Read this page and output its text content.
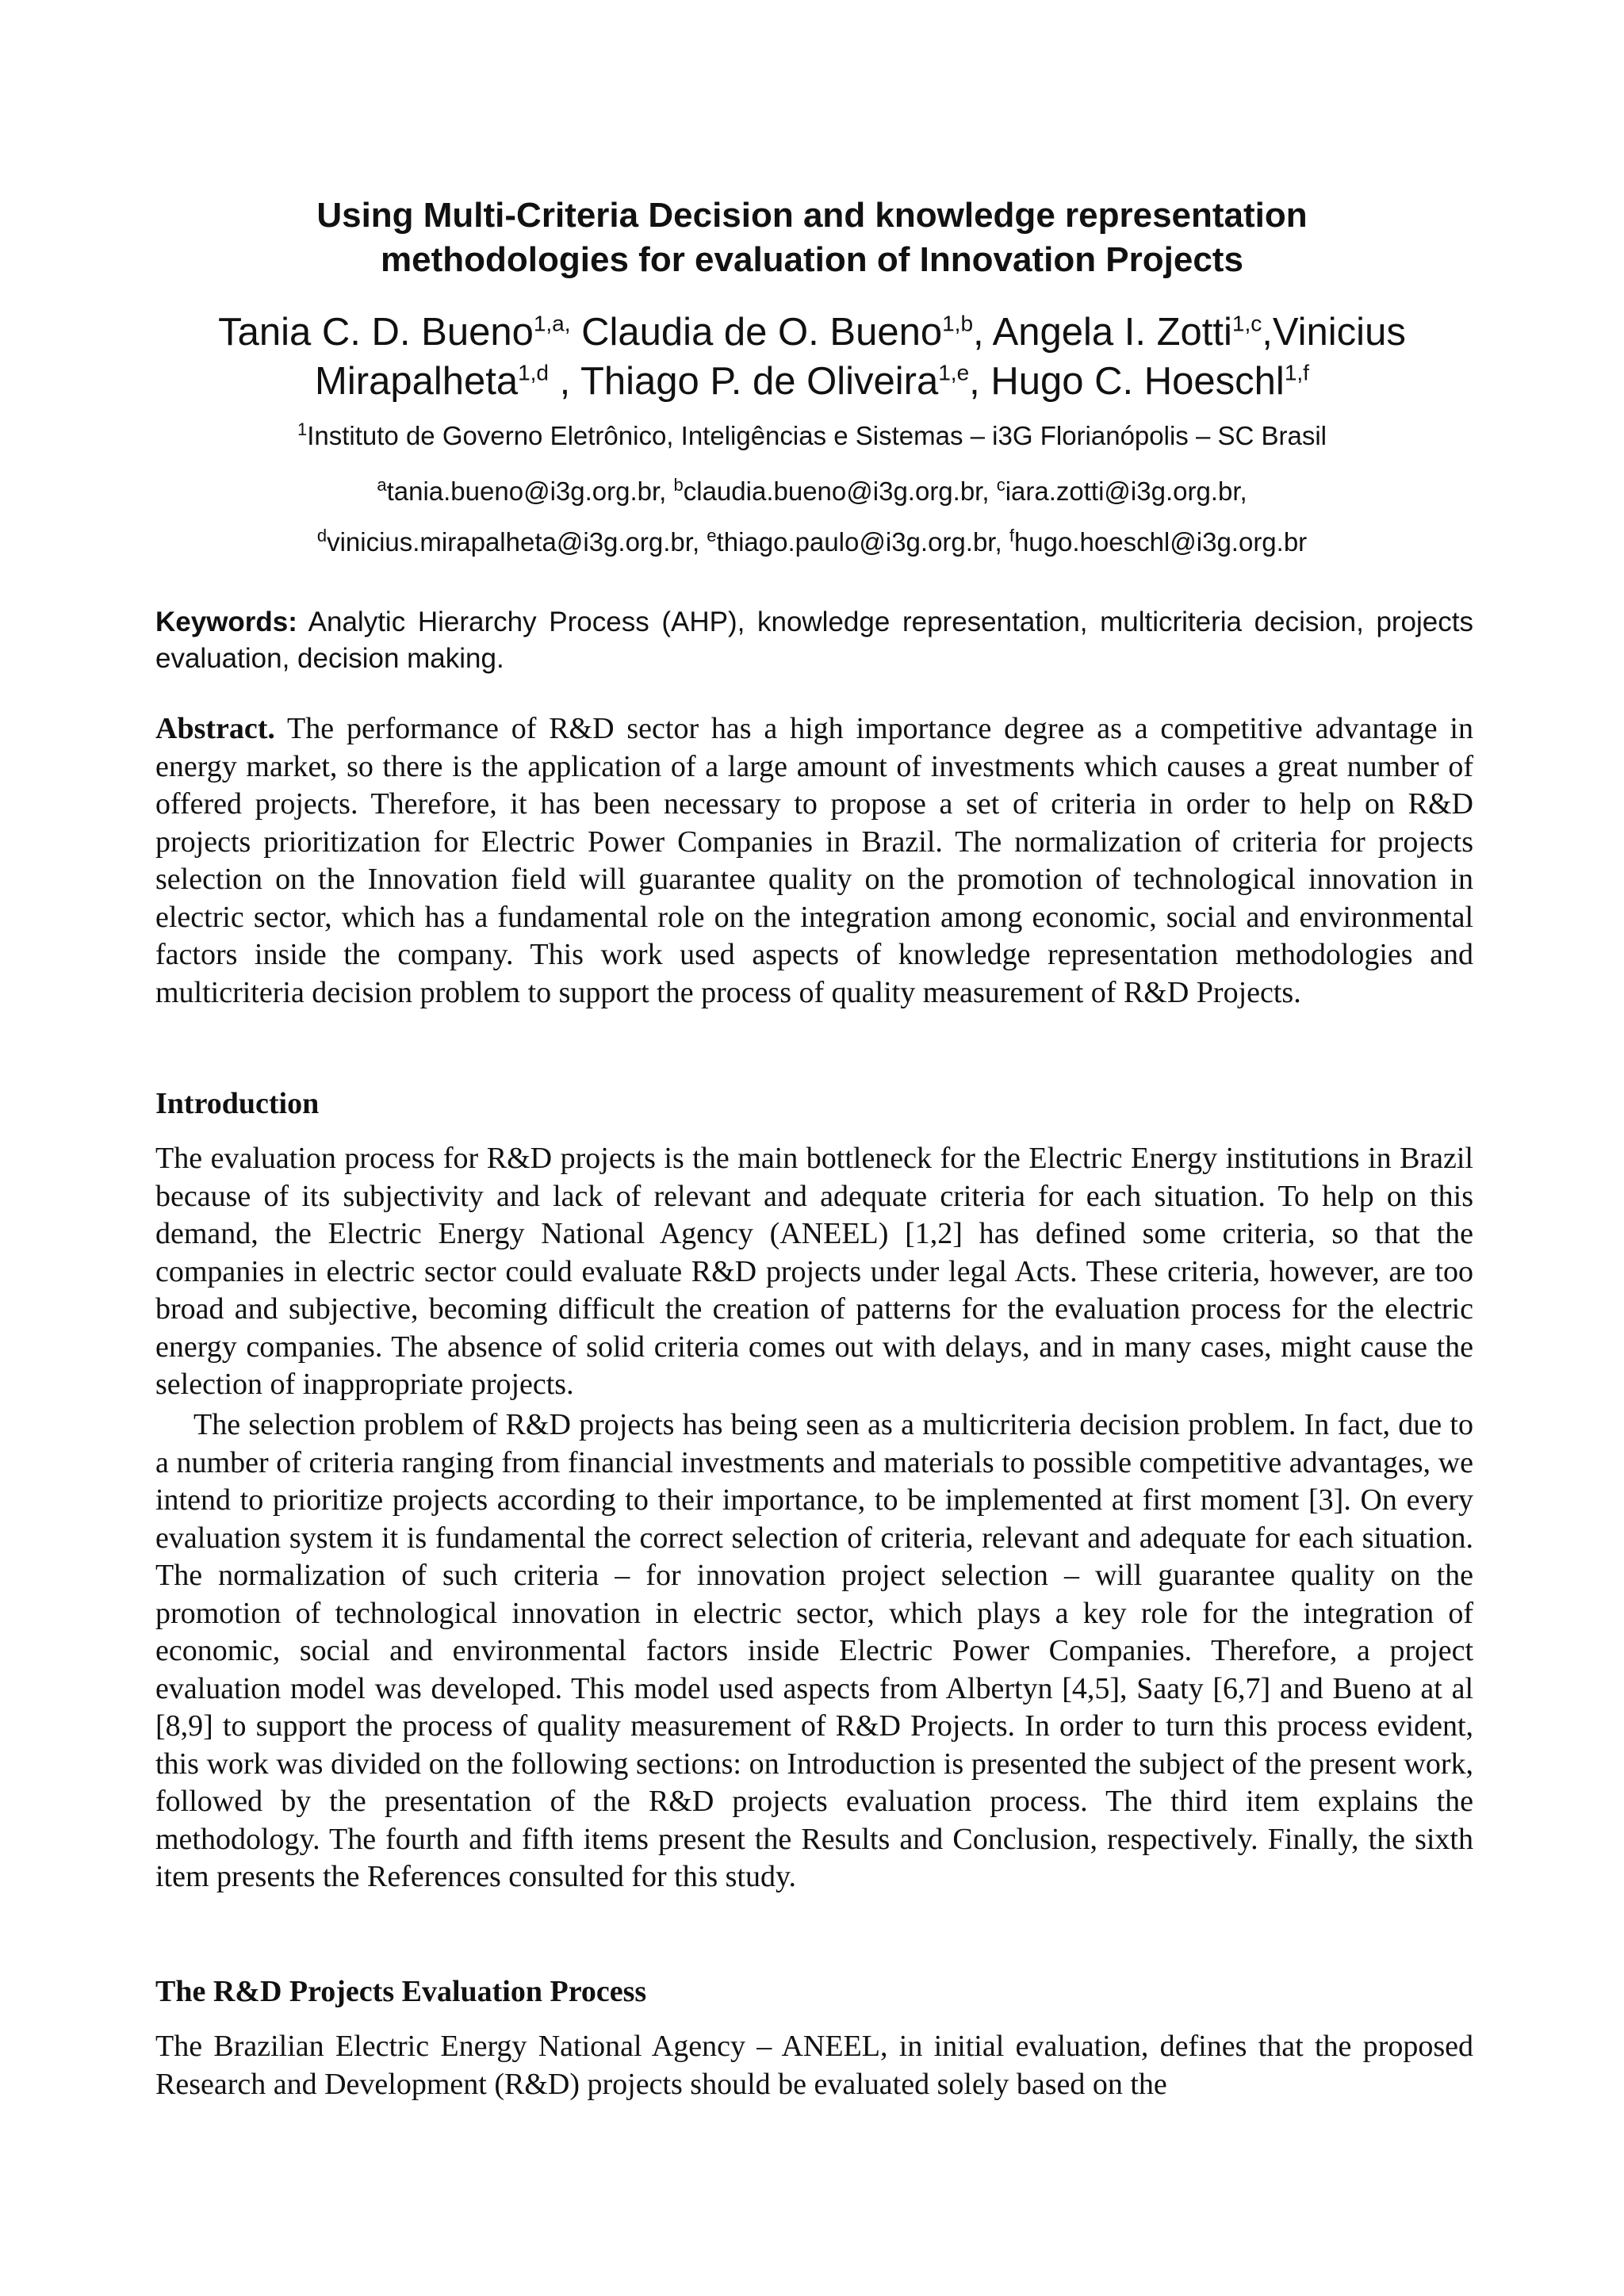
Using Multi-Criteria Decision and knowledge representation
methodologies for evaluation of Innovation Projects
Tania C. D. Bueno$^{1,a,}$ Claudia de O. Bueno$^{1,b}$, Angela I. Zotti$^{1,c}$,Vinicius
Mirapalheta$^{1,d}$ , Thiago P. de Oliveira$^{1,e}$, Hugo C. Hoeschl$^{1,f}$
$^1$Instituto de Governo Eletrônico, Inteligências e Sistemas – i3G Florianópolis – SC Brasil
$^a$tania.bueno@i3g.org.br, $^b$claudia.bueno@i3g.org.br, $^c$iara.zotti@i3g.org.br,
$^d$vinicius.mirapalheta@i3g.org.br, $^e$thiago.paulo@i3g.org.br, $^f$hugo.hoeschl@i3g.org.br
Keywords: Analytic Hierarchy Process (AHP), knowledge representation, multicriteria decision, projects evaluation, decision making.

Abstract. The performance of R&D sector has a high importance degree as a competitive advantage in energy market, so there is the application of a large amount of investments which causes a great number of offered projects. Therefore, it has been necessary to propose a set of criteria in order to help on R&D projects prioritization for Electric Power Companies in Brazil. The normalization of criteria for projects selection on the Innovation field will guarantee quality on the promotion of technological innovation in electric sector, which has a fundamental role on the integration among economic, social and environmental factors inside the company. This work used aspects of knowledge representation methodologies and multicriteria decision problem to support the process of quality measurement of R&D Projects.

Introduction

The evaluation process for R&D projects is the main bottleneck for the Electric Energy institutions in Brazil because of its subjectivity and lack of relevant and adequate criteria for each situation. To help on this demand, the Electric Energy National Agency (ANEEL) [1,2] has defined some criteria, so that the companies in electric sector could evaluate R&D projects under legal Acts. These criteria, however, are too broad and subjective, becoming difficult the creation of patterns for the evaluation process for the electric energy companies. The absence of solid criteria comes out with delays, and in many cases, might cause the selection of inappropriate projects.

The selection problem of R&D projects has being seen as a multicriteria decision problem. In fact, due to a number of criteria ranging from financial investments and materials to possible competitive advantages, we intend to prioritize projects according to their importance, to be implemented at first moment [3]. On every evaluation system it is fundamental the correct selection of criteria, relevant and adequate for each situation. The normalization of such criteria – for innovation project selection – will guarantee quality on the promotion of technological innovation in electric sector, which plays a key role for the integration of economic, social and environmental factors inside Electric Power Companies. Therefore, a project evaluation model was developed. This model used aspects from Albertyn [4,5], Saaty [6,7] and Bueno at al [8,9] to support the process of quality measurement of R&D Projects. In order to turn this process evident, this work was divided on the following sections: on Introduction is presented the subject of the present work, followed by the presentation of the R&D projects evaluation process. The third item explains the methodology. The fourth and fifth items present the Results and Conclusion, respectively. Finally, the sixth item presents the References consulted for this study.

The R&D Projects Evaluation Process

The Brazilian Electric Energy National Agency – ANEEL, in initial evaluation, defines that the proposed Research and Development (R&D) projects should be evaluated solely based on the
